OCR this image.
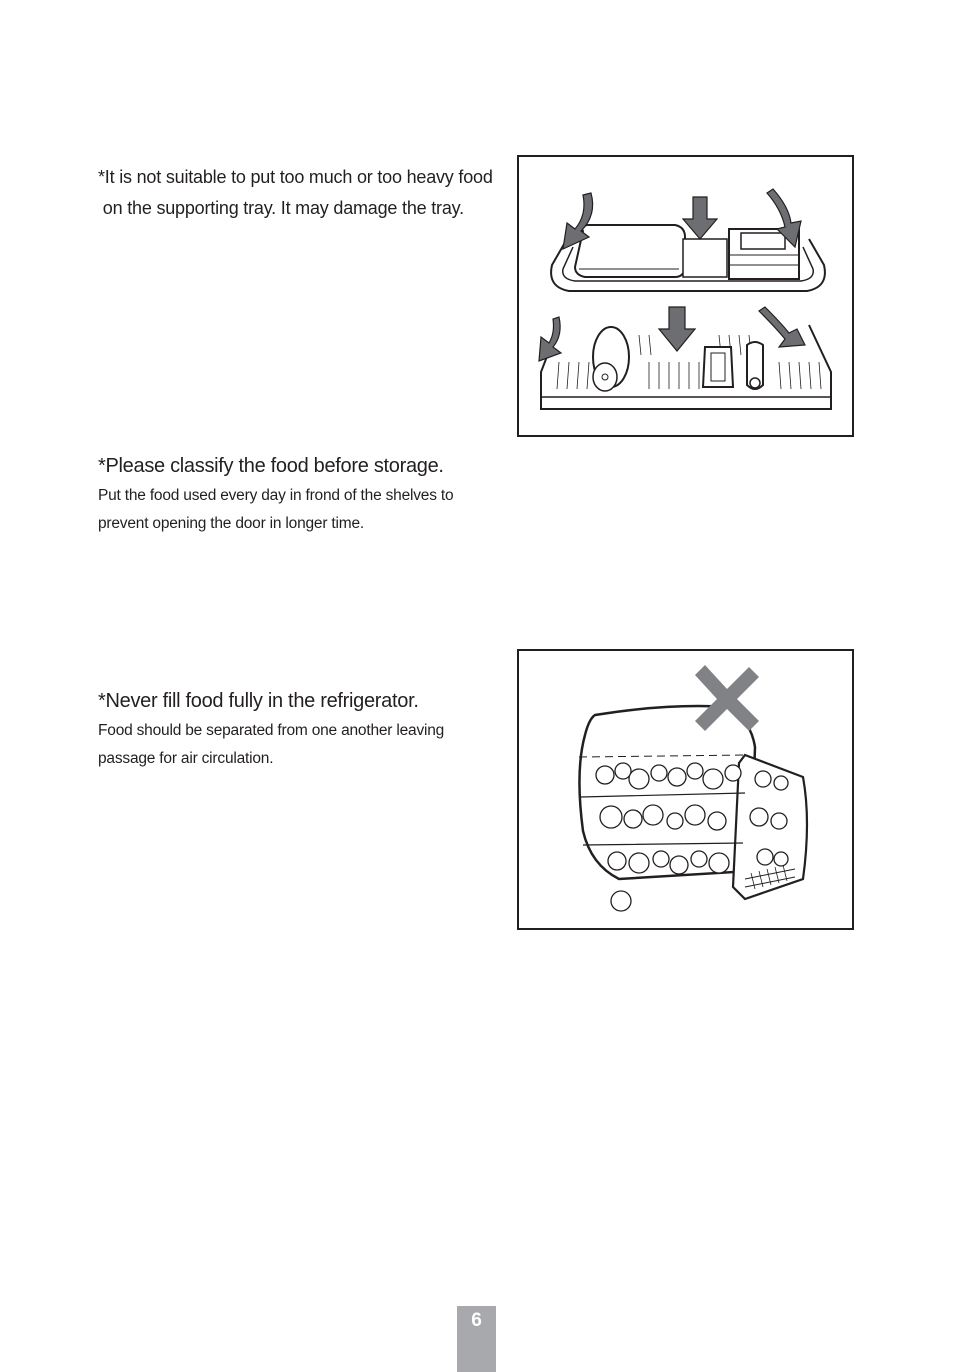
*It is not suitable to put too much or too heavy food
on the supporting tray. It may damage the tray.

*Please classify the food before storage.

Put the food used every day in frond of the shelves to
prevent opening the door in longer time.

*Never fill food fully in the refrigerator.

Food should be separated from one another leaving
passage for air circulation.

6
